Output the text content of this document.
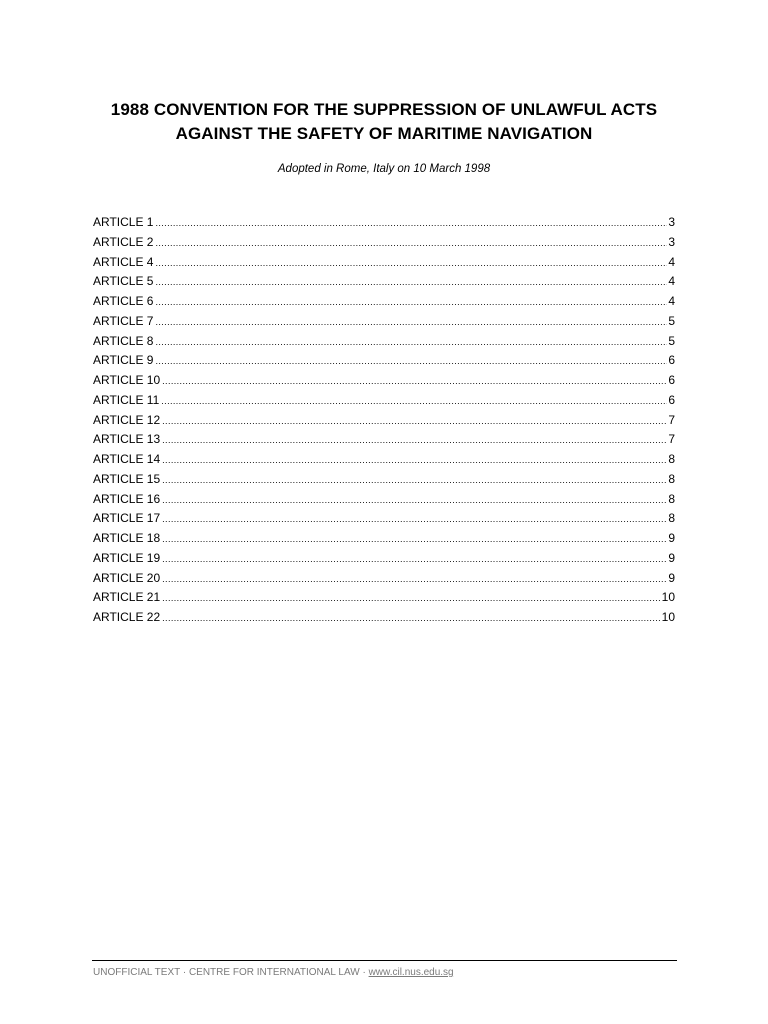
1988 CONVENTION FOR THE SUPPRESSION OF UNLAWFUL ACTS
AGAINST THE SAFETY OF MARITIME NAVIGATION
Adopted in Rome, Italy on 10 March 1998
ARTICLE 1 .....	3
ARTICLE 2 .....	3
ARTICLE 4 .....	4
ARTICLE 5 .....	4
ARTICLE 6 .....	4
ARTICLE 7 .....	5
ARTICLE 8 .....	5
ARTICLE 9 .....	6
ARTICLE 10 .....	6
ARTICLE 11 .....	6
ARTICLE 12 .....	7
ARTICLE 13 .....	7
ARTICLE 14 .....	8
ARTICLE 15 .....	8
ARTICLE 16 .....	8
ARTICLE 17 .....	8
ARTICLE 18 .....	9
ARTICLE 19 .....	9
ARTICLE 20 .....	9
ARTICLE 21 .....	10
ARTICLE 22 .....	10
UNOFFICIAL TEXT · CENTRE FOR INTERNATIONAL LAW · www.cil.nus.edu.sg
